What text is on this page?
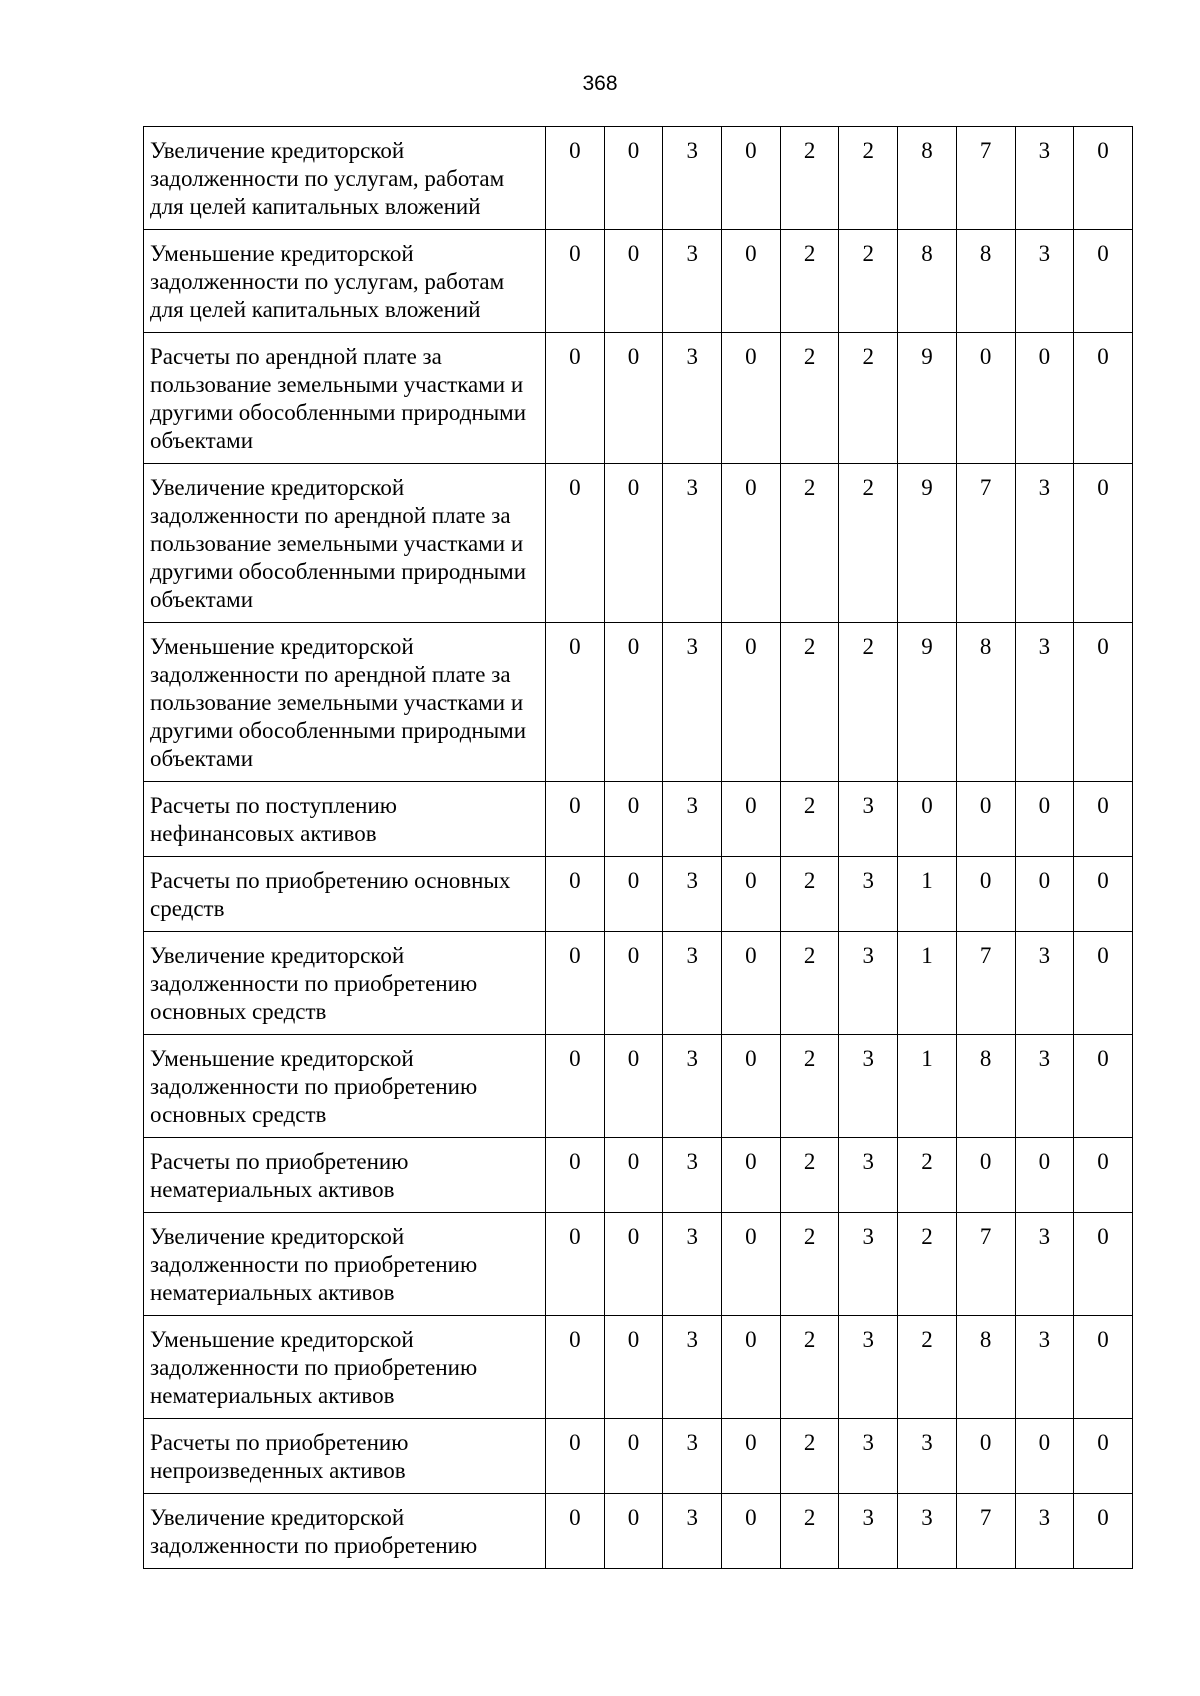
368
Увеличение кредиторской задолженности по услугам, работам для целей капитальных вложений	0	0	3	0	2	2	8	7	3	0
Уменьшение кредиторской задолженности по услугам, работам для целей капитальных вложений	0	0	3	0	2	2	8	8	3	0
Расчеты по арендной плате за пользование земельными участками и другими обособленными природными объектами	0	0	3	0	2	2	9	0	0	0
Увеличение кредиторской задолженности по арендной плате за пользование земельными участками и другими обособленными природными объектами	0	0	3	0	2	2	9	7	3	0
Уменьшение кредиторской задолженности по арендной плате за пользование земельными участками и другими обособленными природными объектами	0	0	3	0	2	2	9	8	3	0
Расчеты по поступлению нефинансовых активов	0	0	3	0	2	3	0	0	0	0
Расчеты по приобретению основных средств	0	0	3	0	2	3	1	0	0	0
Увеличение кредиторской задолженности по приобретению основных средств	0	0	3	0	2	3	1	7	3	0
Уменьшение кредиторской задолженности по приобретению основных средств	0	0	3	0	2	3	1	8	3	0
Расчеты по приобретению нематериальных активов	0	0	3	0	2	3	2	0	0	0
Увеличение кредиторской задолженности по приобретению нематериальных активов	0	0	3	0	2	3	2	7	3	0
Уменьшение кредиторской задолженности по приобретению нематериальных активов	0	0	3	0	2	3	2	8	3	0
Расчеты по приобретению непроизведенных активов	0	0	3	0	2	3	3	0	0	0
Увеличение кредиторской задолженности по приобретению	0	0	3	0	2	3	3	7	3	0
